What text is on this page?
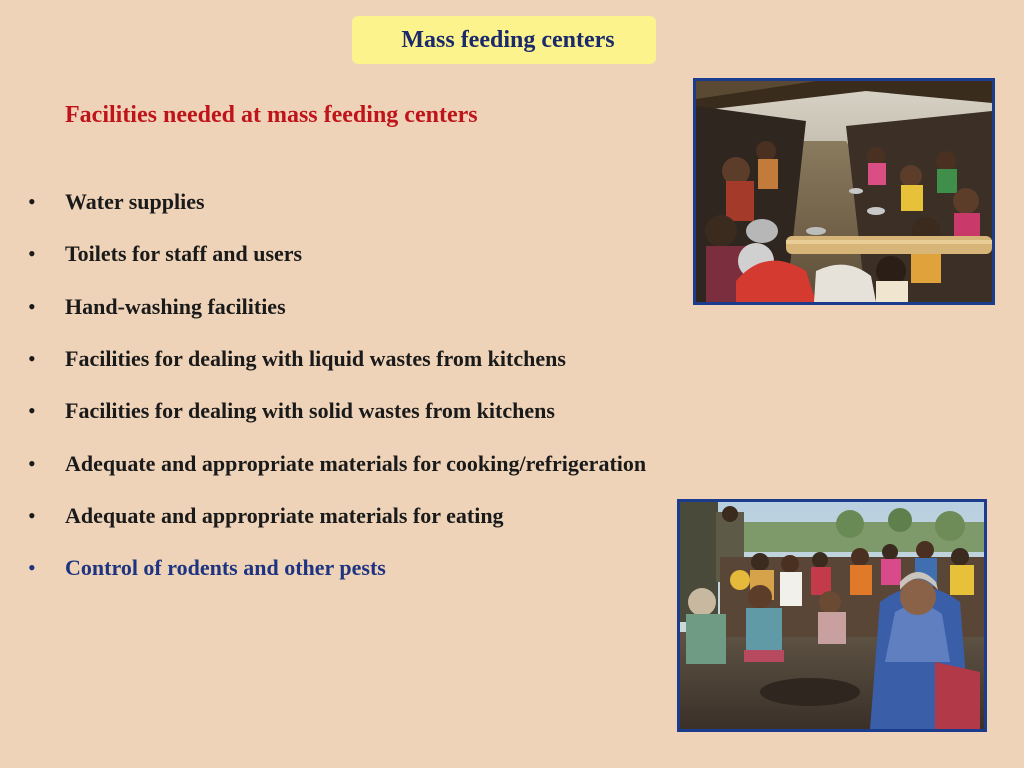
Mass feeding centers
Facilities needed at mass feeding centers
• Water supplies
• Toilets for staff and users
• Hand-washing facilities
• Facilities for dealing with liquid wastes from kitchens
• Facilities for dealing with solid wastes from kitchens
• Adequate and appropriate materials for cooking/refrigeration
• Adequate and appropriate materials for eating
• Control of rodents and other pests
